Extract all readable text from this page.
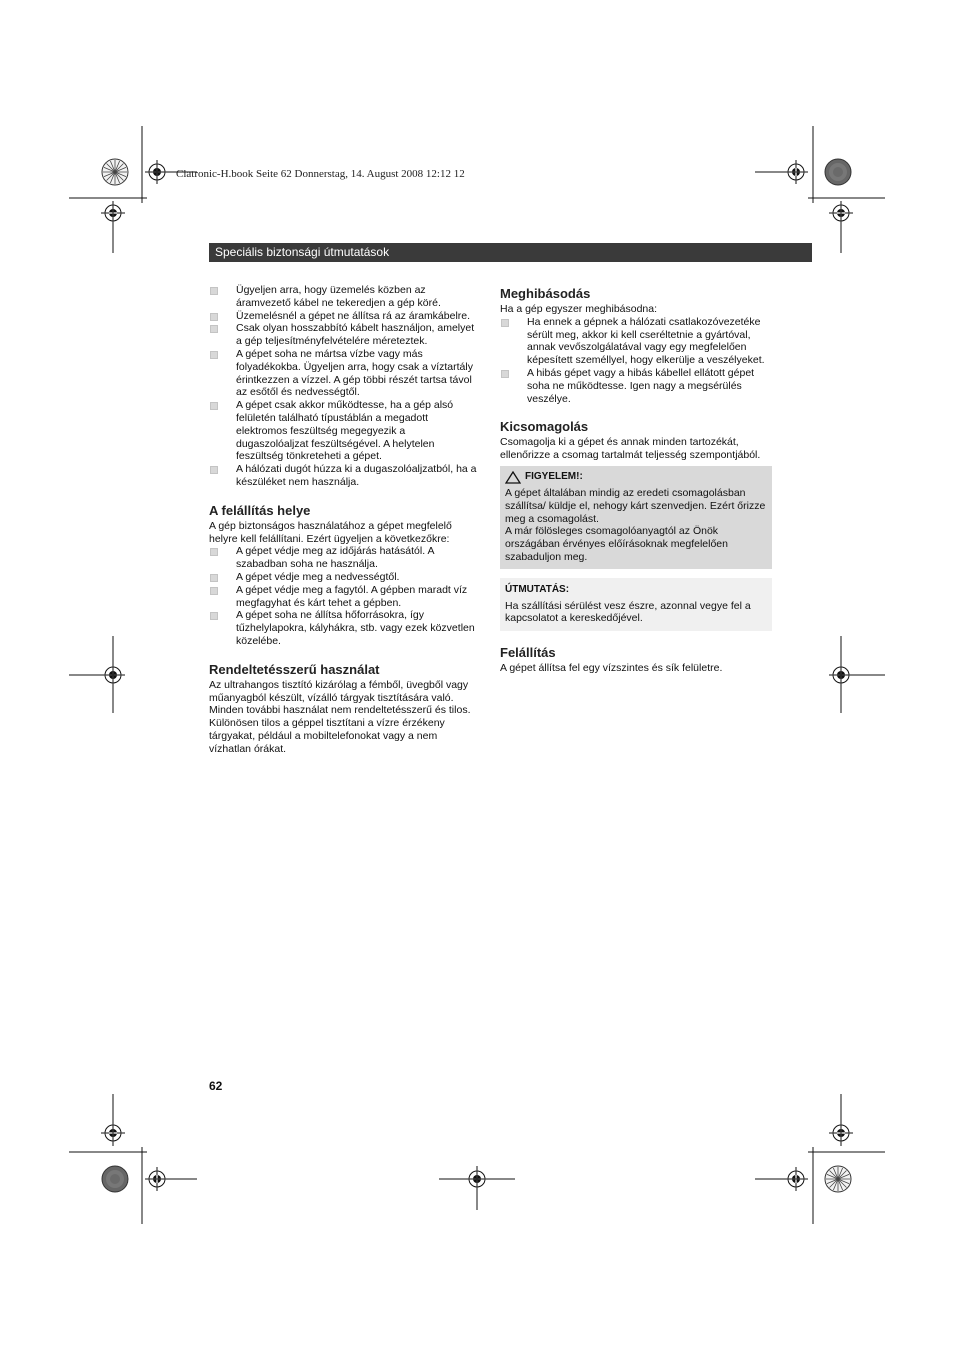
Clatronic-H.book Seite 62 Donnerstag, 14. August 2008 12:12 12
Speciális biztonsági útmutatások
Ügyeljen arra, hogy üzemelés közben az áramvezető kábel ne tekeredjen a gép köré.
Üzemelésnél a gépet ne állítsa rá az áramkábelre.
Csak olyan hosszabbító kábelt használjon, amelyet a gép teljesítményfelvételére méreteztek.
A gépet soha ne mártsa vízbe vagy más folyadékokba. Ügyeljen arra, hogy csak a víztartály érintkezzen a vízzel. A gép többi részét tartsa távol az esőtől és nedvességtől.
A gépet csak akkor működtesse, ha a gép alsó felületén található típustáblán a megadott elektromos feszültség megegyezik a dugaszolóaljzat feszültségével. A helytelen feszültség tönkreteheti a gépet.
A hálózati dugót húzza ki a dugaszolóaljzatból, ha a készüléket nem használja.
A felállítás helye

A gép biztonságos használatához a gépet megfelelő helyre kell felállítani. Ezért ügyeljen a következőkre:

A gépet védje meg az időjárás hatásától. A szabadban soha ne használja.
A gépet védje meg a nedvességtől.
A gépet védje meg a fagytól. A gépben maradt víz megfagyhat és kárt tehet a gépben.
A gépet soha ne állítsa hőforrásokra, így tűzhelylapokra, kályhákra, stb. vagy ezek közvetlen közelébe.
Rendeltetésszerű használat

Az ultrahangos tisztító kizárólag a fémből, üvegből vagy műanyagból készült, vízálló tárgyak tisztítására való.

Minden további használat nem rendeltetésszerű és tilos.

Különösen tilos a géppel tisztítani a vízre érzékeny tárgyakat, például a mobiltelefonokat vagy a nem vízhatlan órákat.

Meghibásodás

Ha a gép egyszer meghibásodna:

Ha ennek a gépnek a hálózati csatlakozóvezetéke sérült meg, akkor ki kell cseréltetnie a gyártóval, annak vevőszolgálatával vagy egy megfelelően képesített személlyel, hogy elkerülje a veszélyeket.
A hibás gépet vagy a hibás kábellel ellátott gépet soha ne működtesse. Igen nagy a megsérülés veszélye.
Kicsomagolás

Csomagolja ki a gépet és annak minden tartozékát, ellenőrizze a csomag tartalmát teljesség szempontjából.

FIGYELEM!:

A gépet általában mindig az eredeti csomagolásban szállítsa/ küldje el, nehogy kárt szenvedjen. Ezért őrizze meg a csomagolást.

A már fölösleges csomagolóanyagtól az Önök országában érvényes előírásoknak megfelelően szabaduljon meg.

ÚTMUTATÁS:

Ha szállítási sérülést vesz észre, azonnal vegye fel a kapcsolatot a kereskedőjével.

Felállítás

A gépet állítsa fel egy vízszintes és sík felületre.

62
